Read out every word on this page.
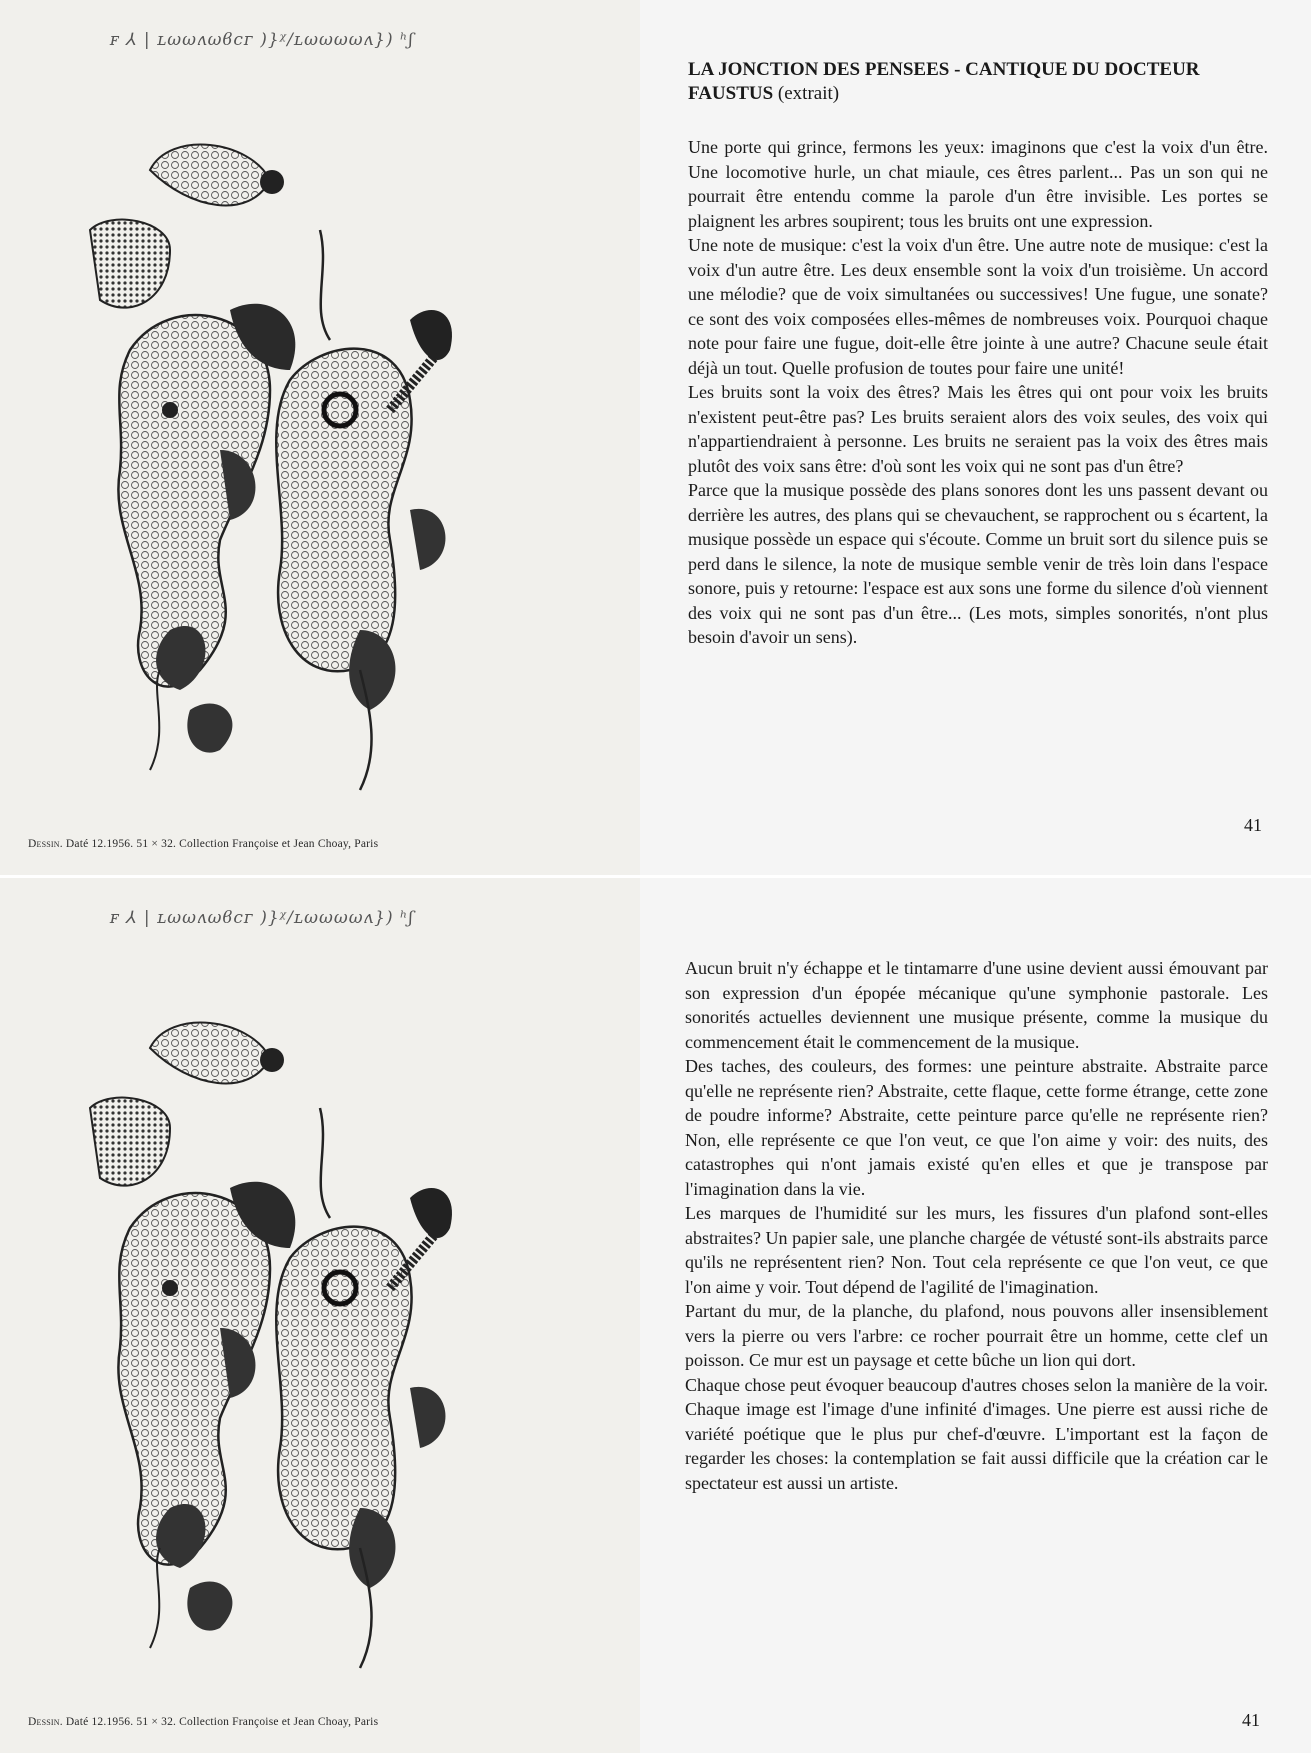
ꜰ ⅄ | ʟωωʌωϐϲᴦ )}ᵡ/ʟωωωωʌ}) ʰʃ
Dessin. Daté 12.1956. 51 × 32. Collection Françoise et Jean Choay, Paris
LA JONCTION DES PENSEES - CANTIQUE DU DOCTEUR FAUSTUS (extrait)

Une porte qui grince, fermons les yeux: imaginons que c'est la voix d'un être. Une locomotive hurle, un chat miaule, ces êtres parlent... Pas un son qui ne pourrait être entendu comme la parole d'un être invisible. Les portes se plaignent les arbres soupirent; tous les bruits ont une expression.

Une note de musique: c'est la voix d'un être. Une autre note de musique: c'est la voix d'un autre être. Les deux ensemble sont la voix d'un troisième. Un accord une mélodie? que de voix simultanées ou successives! Une fugue, une sonate? ce sont des voix composées elles-mêmes de nombreuses voix. Pourquoi chaque note pour faire une fugue, doit-elle être jointe à une autre? Chacune seule était déjà un tout. Quelle profusion de toutes pour faire une unité!

Les bruits sont la voix des êtres? Mais les êtres qui ont pour voix les bruits n'existent peut-être pas? Les bruits seraient alors des voix seules, des voix qui n'appartiendraient à personne. Les bruits ne seraient pas la voix des êtres mais plutôt des voix sans être: d'où sont les voix qui ne sont pas d'un être?

Parce que la musique possède des plans sonores dont les uns passent devant ou derrière les autres, des plans qui se chevauchent, se rapprochent ou s écartent, la musique possède un espace qui s'écoute. Comme un bruit sort du silence puis se perd dans le silence, la note de musique semble venir de très loin dans l'espace sonore, puis y retourne: l'espace est aux sons une forme du silence d'où viennent des voix qui ne sont pas d'un être... (Les mots, simples sonorités, n'ont plus besoin d'avoir un sens).

41
ꜰ ⅄ | ʟωωʌωϐϲᴦ )}ᵡ/ʟωωωωʌ}) ʰʃ
Dessin. Daté 12.1956. 51 × 32. Collection Françoise et Jean Choay, Paris

Aucun bruit n'y échappe et le tintamarre d'une usine devient aussi émouvant par son expression d'un épopée mécanique qu'une symphonie pastorale. Les sonorités actuelles deviennent une musique présente, comme la musique du commencement était le commencement de la musique.

Des taches, des couleurs, des formes: une peinture abstraite. Abstraite parce qu'elle ne représente rien? Abstraite, cette flaque, cette forme étrange, cette zone de poudre informe? Abstraite, cette peinture parce qu'elle ne représente rien? Non, elle représente ce que l'on veut, ce que l'on aime y voir: des nuits, des catastrophes qui n'ont jamais existé qu'en elles et que je transpose par l'imagination dans la vie.

Les marques de l'humidité sur les murs, les fissures d'un plafond sont-elles abstraites? Un papier sale, une planche chargée de vétusté sont-ils abstraits parce qu'ils ne représentent rien? Non. Tout cela représente ce que l'on veut, ce que l'on aime y voir. Tout dépend de l'agilité de l'imagination.

Partant du mur, de la planche, du plafond, nous pouvons aller insensiblement vers la pierre ou vers l'arbre: ce rocher pourrait être un homme, cette clef un poisson. Ce mur est un paysage et cette bûche un lion qui dort.

Chaque chose peut évoquer beaucoup d'autres choses selon la manière de la voir. Chaque image est l'image d'une infinité d'images. Une pierre est aussi riche de variété poétique que le plus pur chef-d'œuvre. L'important est la façon de regarder les choses: la contemplation se fait aussi difficile que la création car le spectateur est aussi un artiste.

41
